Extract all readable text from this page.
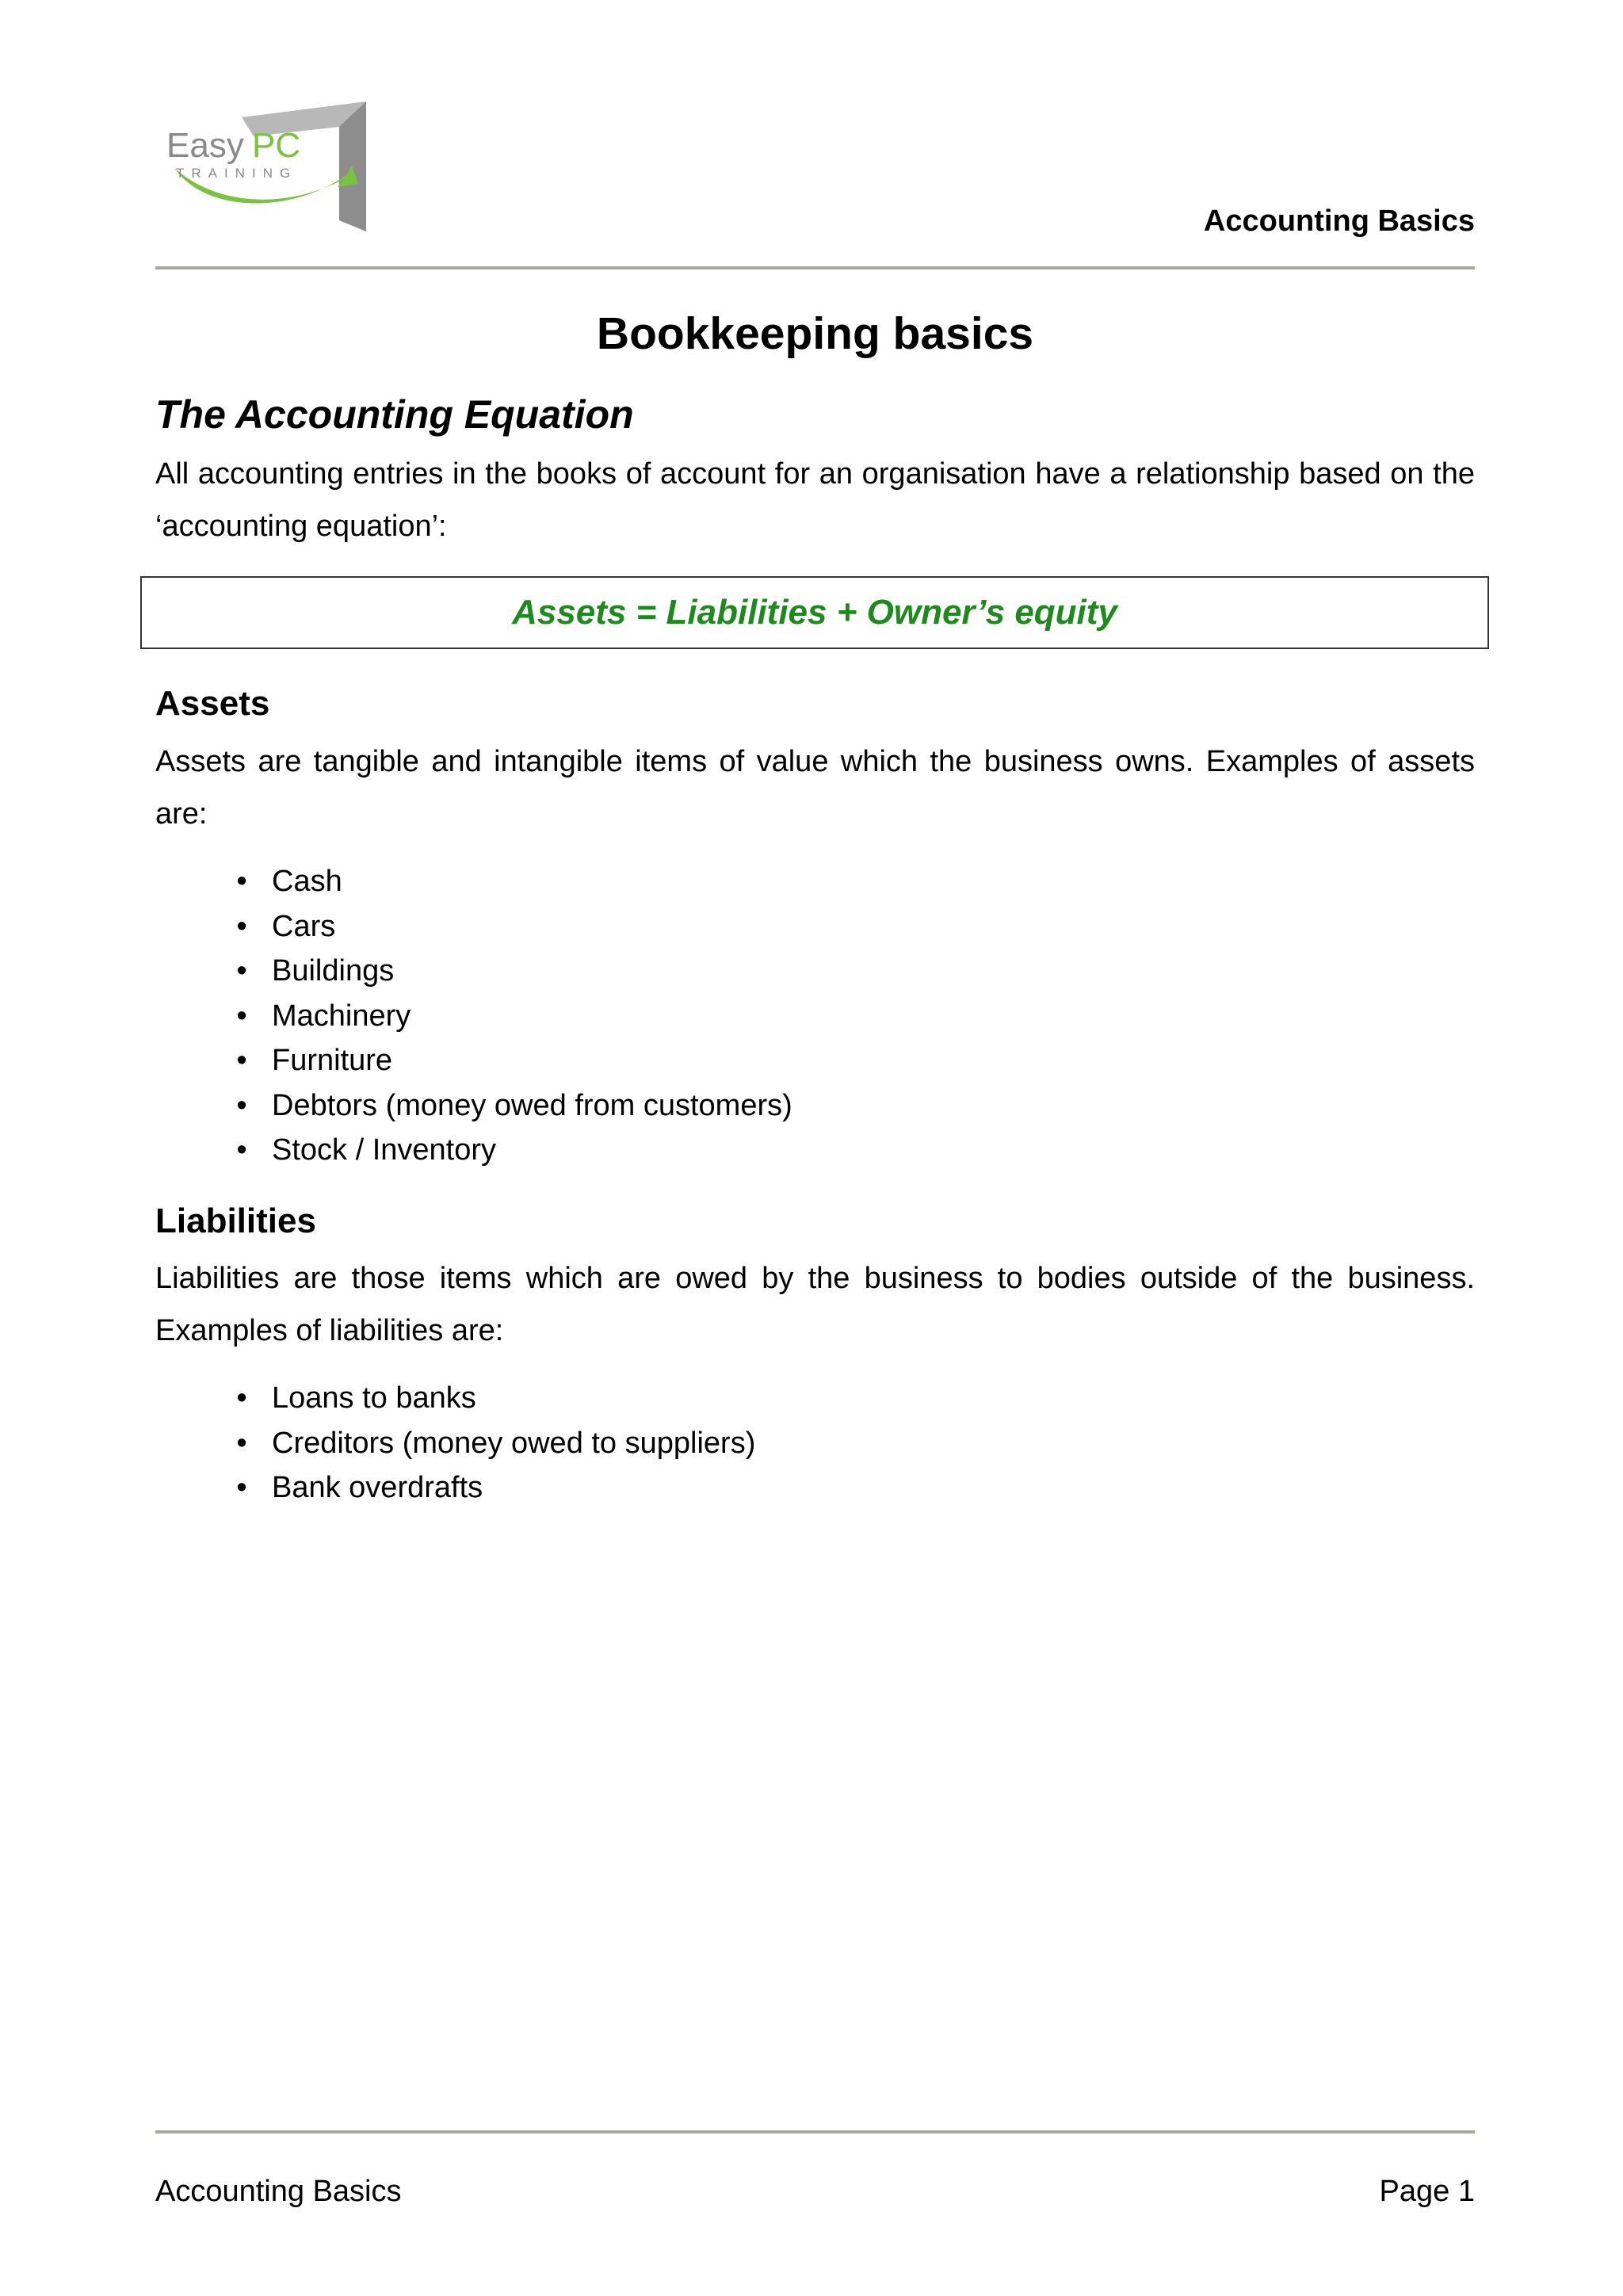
Easy PC
TRAINING
Accounting Basics
Bookkeeping basics
The Accounting Equation

All accounting entries in the books of account for an organisation have a relationship based on the ‘accounting equation’:

Assets = Liabilities + Owner’s equity
Assets

Assets are tangible and intangible items of value which the business owns. Examples of assets are:

• Cash
• Cars
• Buildings
• Machinery
• Furniture
• Debtors (money owed from customers)
• Stock / Inventory
Liabilities

Liabilities are those items which are owed by the business to bodies outside of the business. Examples of liabilities are:

• Loans to banks
• Creditors (money owed to suppliers)
• Bank overdrafts
Accounting Basics	Page 1
